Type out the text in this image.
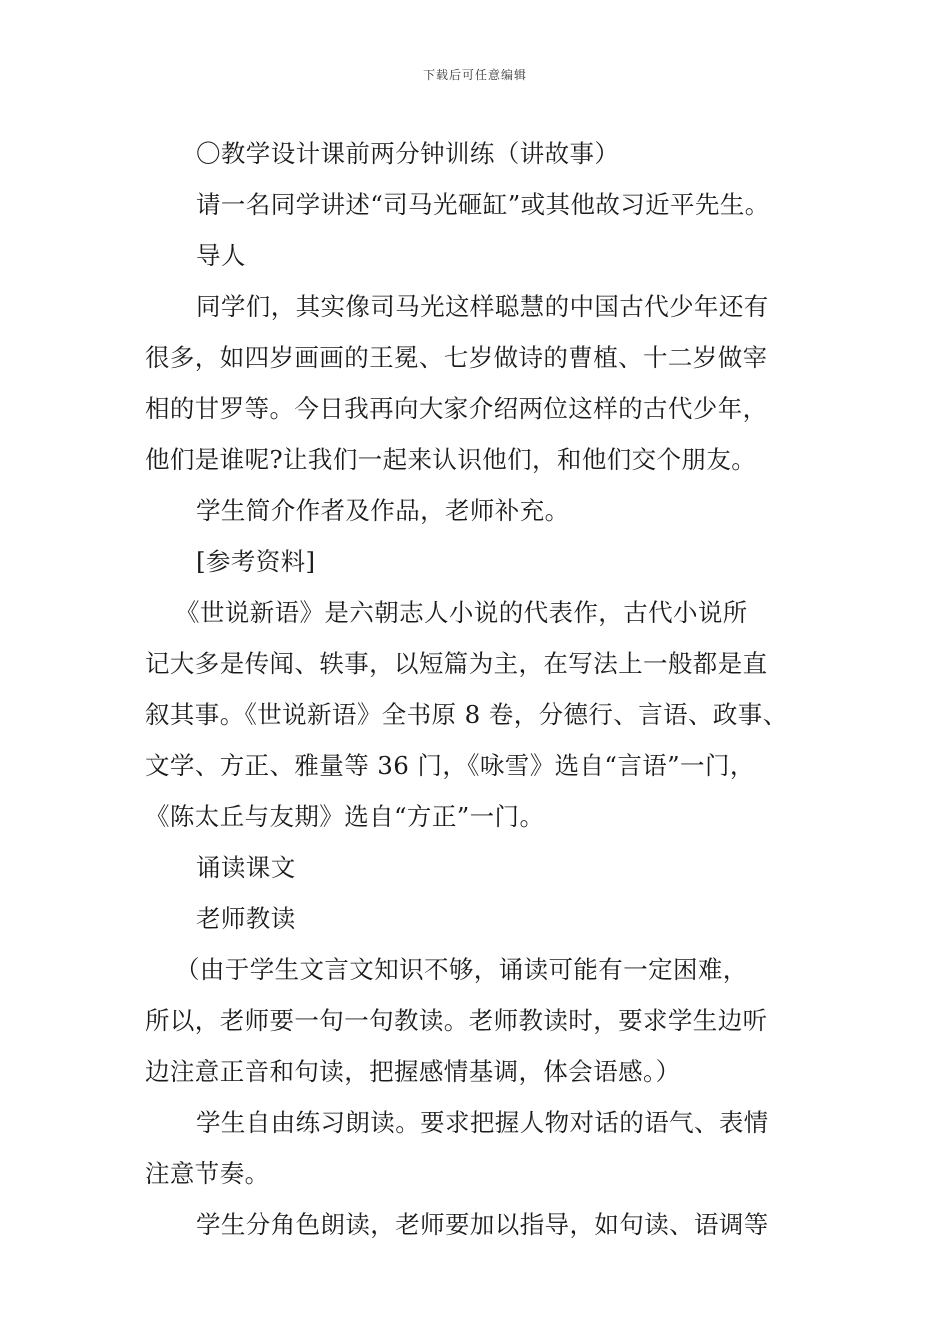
下载后可任意编辑
〇教学设计课前两分钟训练（讲故事）
请一名同学讲述“司马光砸缸”或其他故习近平先生。
导人
同学们，其实像司马光这样聪慧的中国古代少年还有
很多，如四岁画画的王冕、七岁做诗的曹植、十二岁做宰
相的甘罗等。今日我再向大家介绍两位这样的古代少年，
他们是谁呢?让我们一起来认识他们，和他们交个朋友。
学生简介作者及作品，老师补充。
[参考资料]
《世说新语》是六朝志人小说的代表作，古代小说所
记大多是传闻、轶事，以短篇为主，在写法上一般都是直
叙其事。《世说新语》全书原 8 卷，分德行、言语、政事、
文学、方正、雅量等 36 门，《咏雪》选自“言语”一门，
《陈太丘与友期》选自“方正”一门。
诵读课文
老师教读
（由于学生文言文知识不够，诵读可能有一定困难，
所以，老师要一句一句教读。老师教读时，要求学生边听
边注意正音和句读，把握感情基调，体会语感。）
学生自由练习朗读。要求把握人物对话的语气、表情
注意节奏。
学生分角色朗读，老师要加以指导，如句读、语调等
